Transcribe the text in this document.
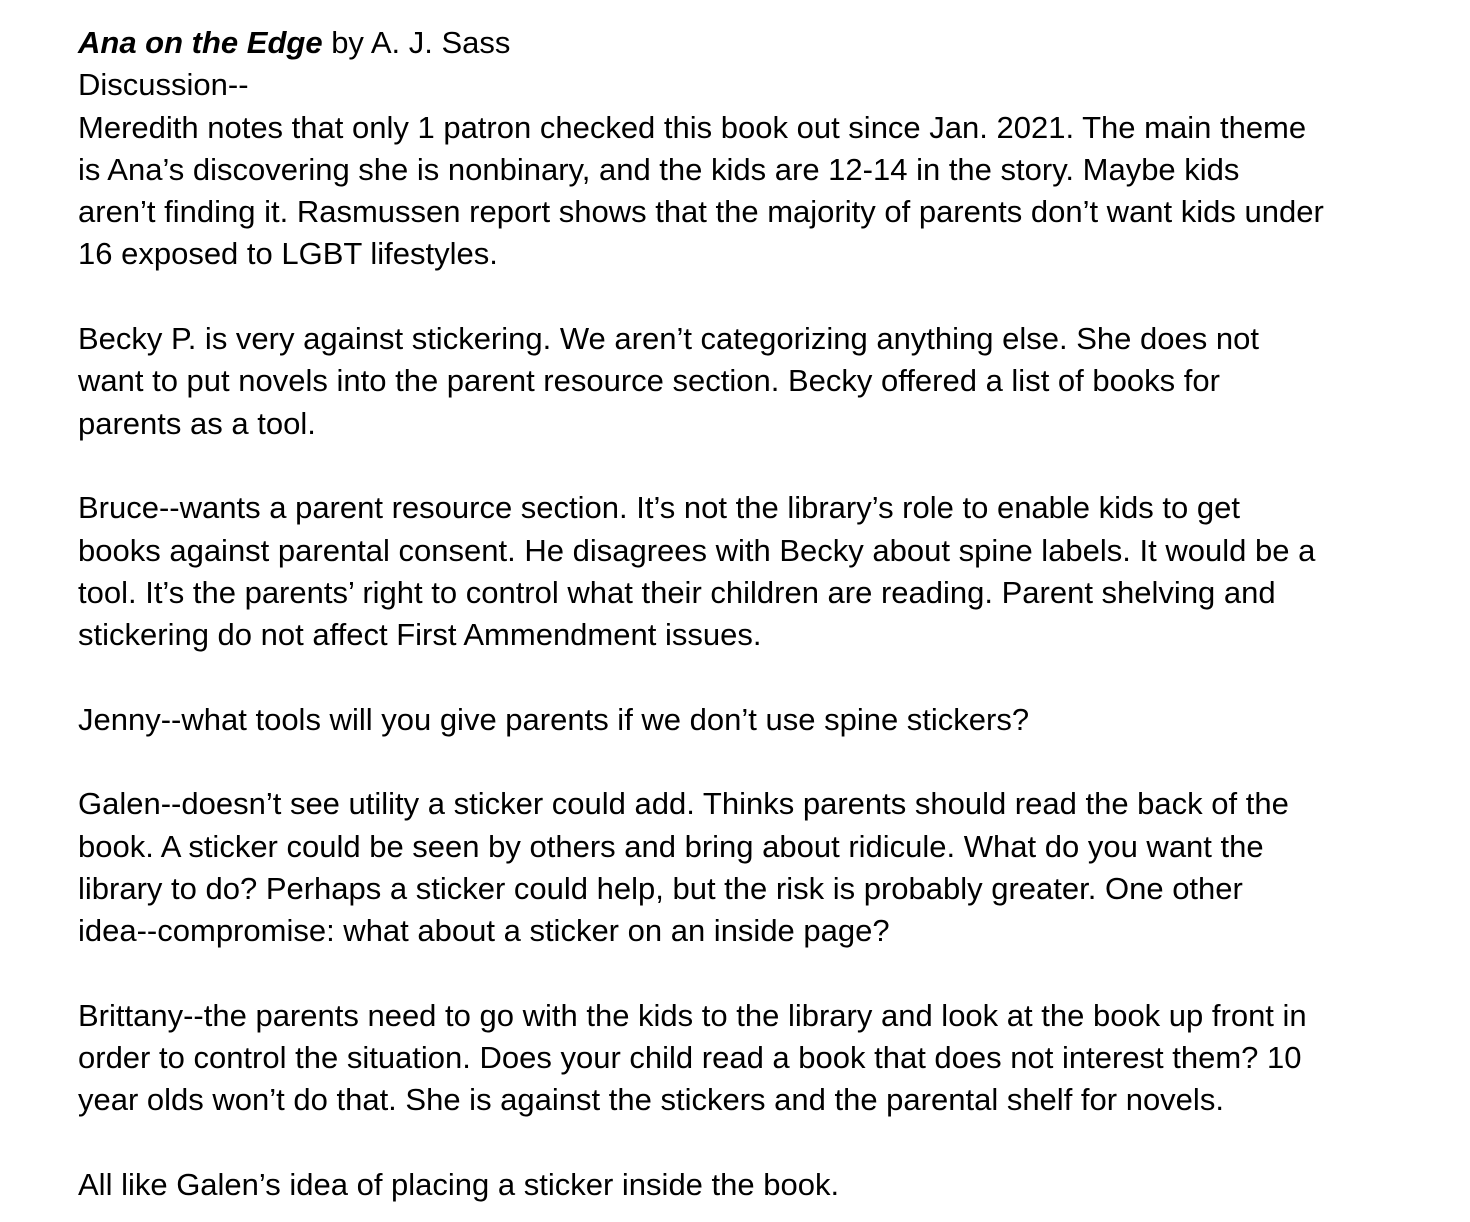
Ana on the Edge by A. J. Sass

Discussion--

Meredith notes that only 1 patron checked this book out since Jan. 2021. The main theme

is Ana’s discovering she is nonbinary, and the kids are 12-14 in the story. Maybe kids

aren’t finding it. Rasmussen report shows that the majority of parents don’t want kids under

16 exposed to LGBT lifestyles.

Becky P. is very against stickering. We aren’t categorizing anything else. She does not

want to put novels into the parent resource section. Becky offered a list of books for

parents as a tool.

Bruce--wants a parent resource section. It’s not the library’s role to enable kids to get

books against parental consent. He disagrees with Becky about spine labels. It would be a

tool. It’s the parents’ right to control what their children are reading. Parent shelving and

stickering do not affect First Ammendment issues.

Jenny--what tools will you give parents if we don’t use spine stickers?

Galen--doesn’t see utility a sticker could add. Thinks parents should read the back of the

book. A sticker could be seen by others and bring about ridicule. What do you want the

library to do? Perhaps a sticker could help, but the risk is probably greater. One other

idea--compromise: what about a sticker on an inside page?

Brittany--the parents need to go with the kids to the library and look at the book up front in

order to control the situation. Does your child read a book that does not interest them? 10

year olds won’t do that. She is against the stickers and the parental shelf for novels.

All like Galen’s idea of placing a sticker inside the book.
